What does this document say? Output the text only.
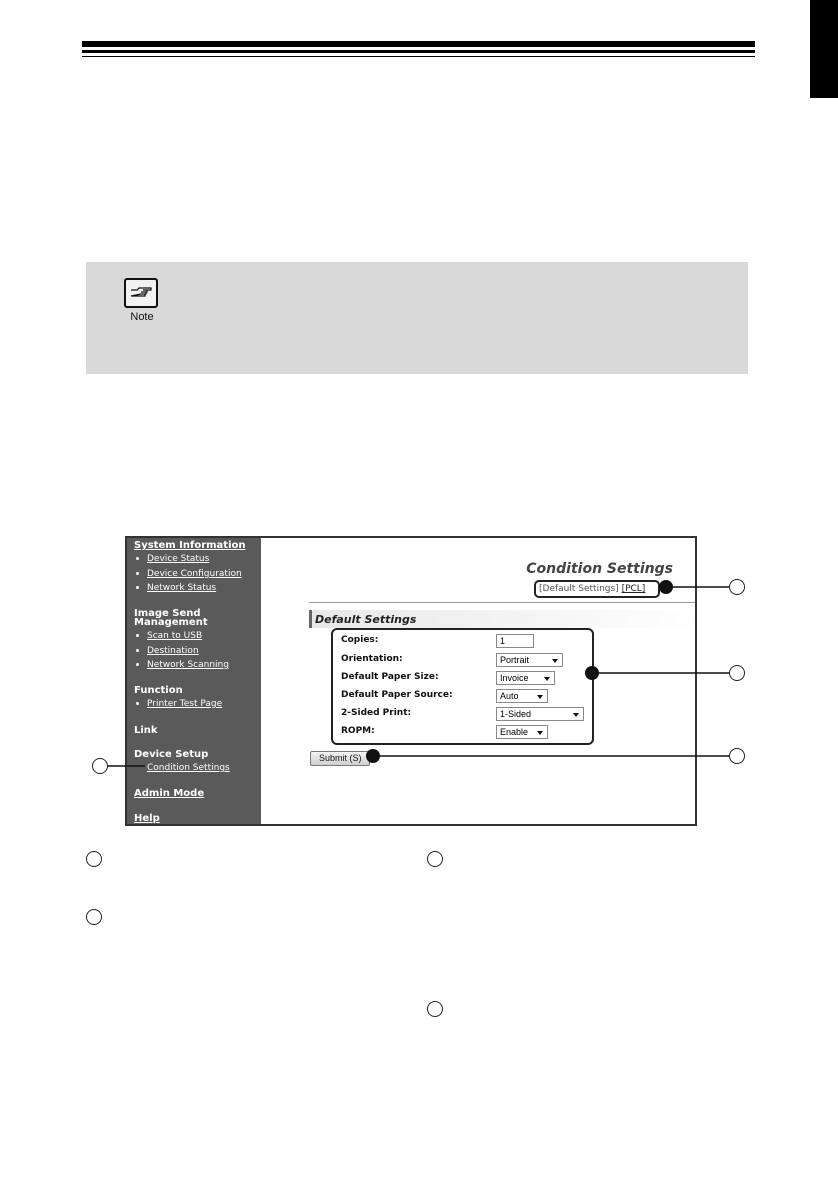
Note
System Information
Device Status
Device Configuration
Network Status
Image Send
Management
Scan to USB
Destination
Network Scanning
Function
Printer Test Page
Link
Device Setup
Condition Settings
Admin Mode
Help
Condition Settings
[Default Settings] [PCL]
Default Settings
Copies:	1
Orientation:	Portrait
Default Paper Size:	Invoice
Default Paper Source:	Auto
2-Sided Print:	1-Sided
ROPM:	Enable
Submit (S)
